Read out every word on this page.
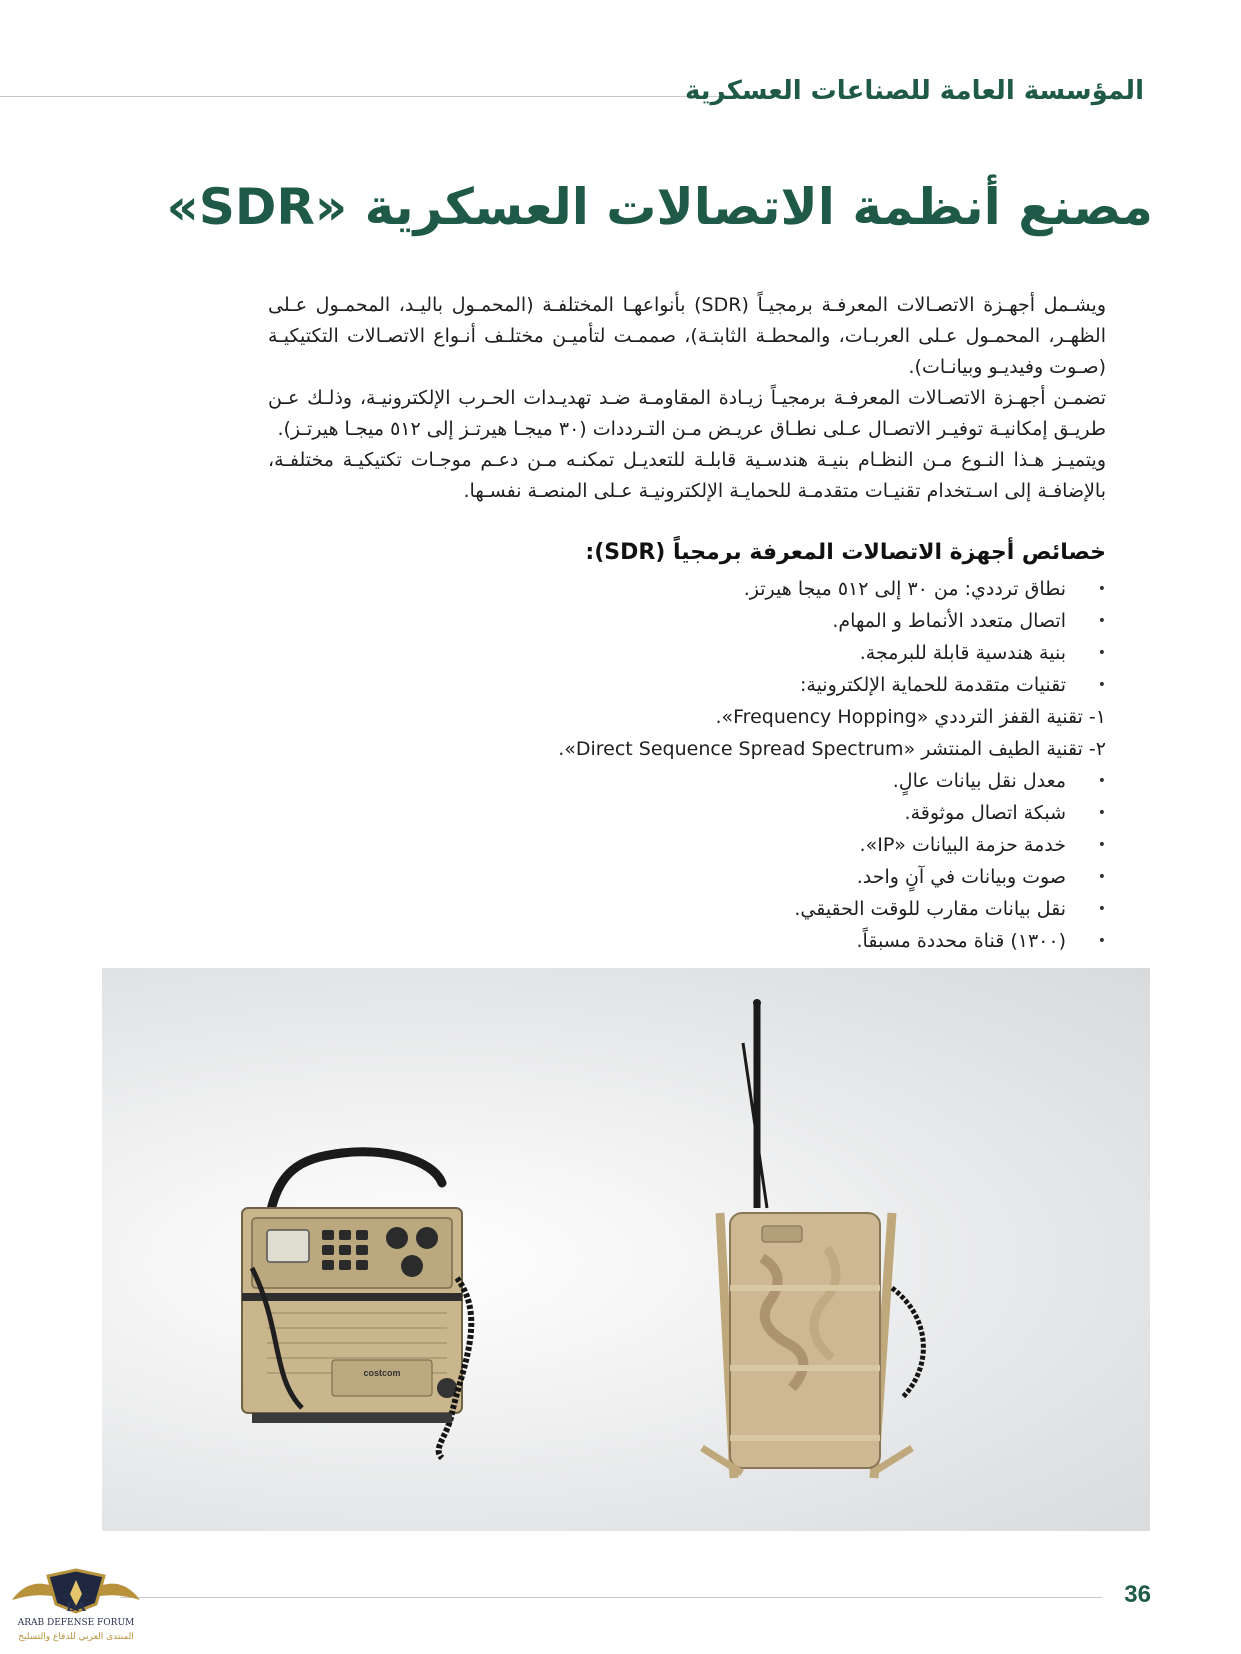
المؤسسة العامة للصناعات العسكرية
مصنع أنظمة الاتصالات العسكرية «SDR»

ويشـمل أجهـزة الاتصـالات المعرفـة برمجيـاً (SDR) بأنواعهـا المختلفـة (المحمـول باليـد، المحمـول عـلى الظهـر، المحمـول عـلى العربـات، والمحطـة الثابتـة)، صممـت لتأميـن مختلـف أنـواع الاتصـالات التكتيكيـة (صـوت وفيديـو وبيانـات).

تضمـن أجهـزة الاتصـالات المعرفـة برمجيـاً زيـادة المقاومـة ضـد تهديـدات الحـرب الإلكترونيـة، وذلـك عـن طريـق إمكانيـة توفيـر الاتصـال عـلى نطـاق عريـض مـن التـرددات (٣٠ ميجـا هيرتـز إلى ٥١٢ ميجـا هيرتـز).

ويتميـز هـذا النـوع مـن النظـام بنيـة هندسـية قابلـة للتعديـل تمكنـه مـن دعـم موجـات تكتيكيـة مختلفـة، بالإضافـة إلى اسـتخدام تقنيـات متقدمـة للحمايـة الإلكترونيـة عـلى المنصـة نفسـها.

خصائص أجهزة الاتصالات المعرفة برمجياً (SDR):
• نطاق ترددي: من ٣٠ إلى ٥١٢ ميجا هيرتز.
• اتصال متعدد الأنماط و المهام.
• بنية هندسية قابلة للبرمجة.
• تقنيات متقدمة للحماية الإلكترونية:
١- تقنية القفز الترددي «Frequency Hopping».
٢- تقنية الطيف المنتشر «Direct Sequence Spread Spectrum».
• معدل نقل بيانات عالٍ.
• شبكة اتصال موثوقة.
• خدمة حزمة البيانات «IP».
• صوت وبيانات في آنٍ واحد.
• نقل بيانات مقارب للوقت الحقيقي.
• (١٣٠٠) قناة محددة مسبقاً.
costcom
36
DA
ARAB DEFENSE FORUM
المنتدى العربي للدفاع والتسليح
